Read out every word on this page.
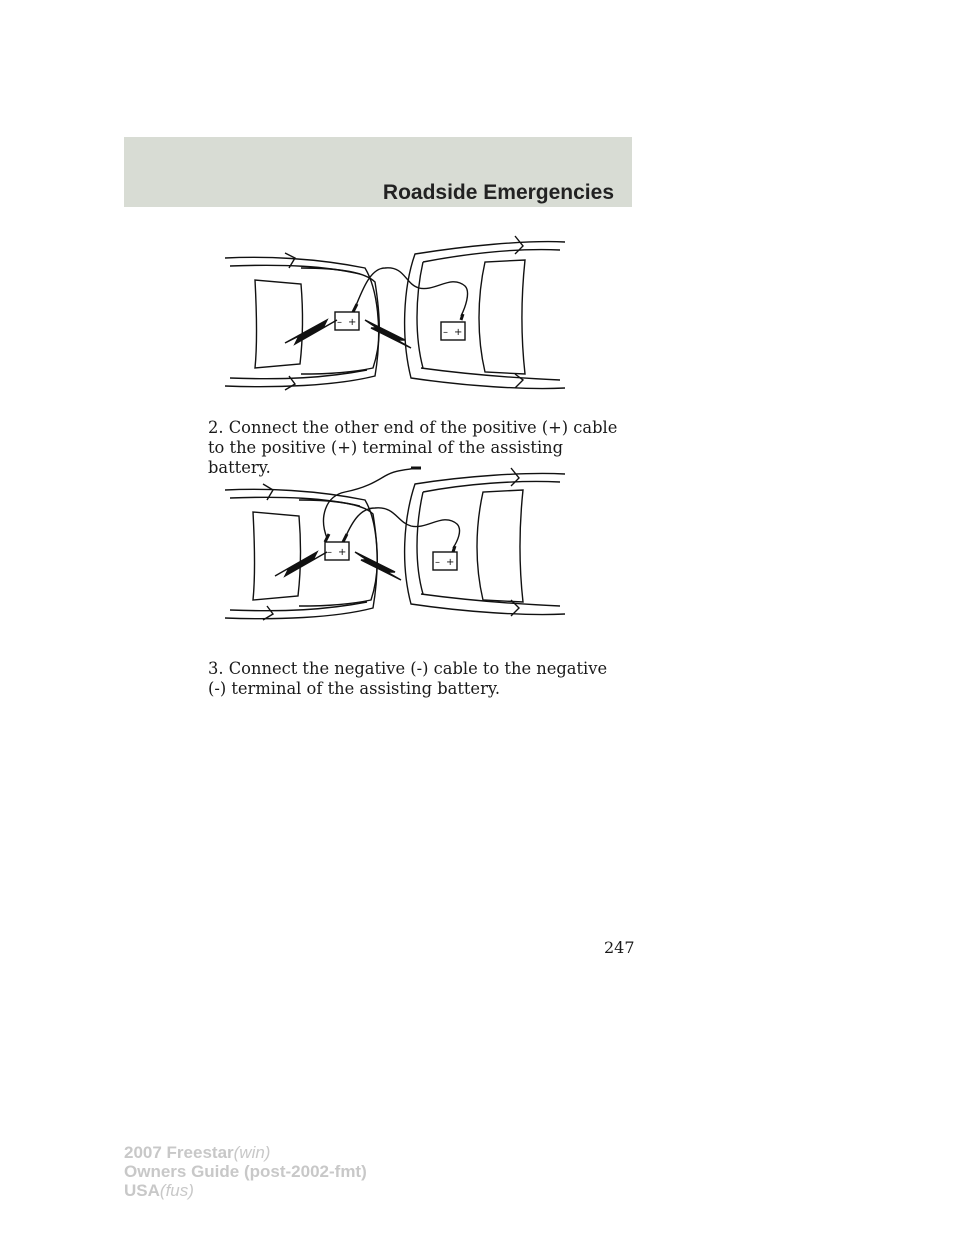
Roadside Emergencies
– +
– +

2. Connect the other end of the positive (+) cable to the positive (+) terminal of the assisting battery.

– +
– +

3. Connect the negative (-) cable to the negative (-) terminal of the assisting battery.

247
2007 Freestar(win)
Owners Guide (post-2002-fmt)
USA(fus)
